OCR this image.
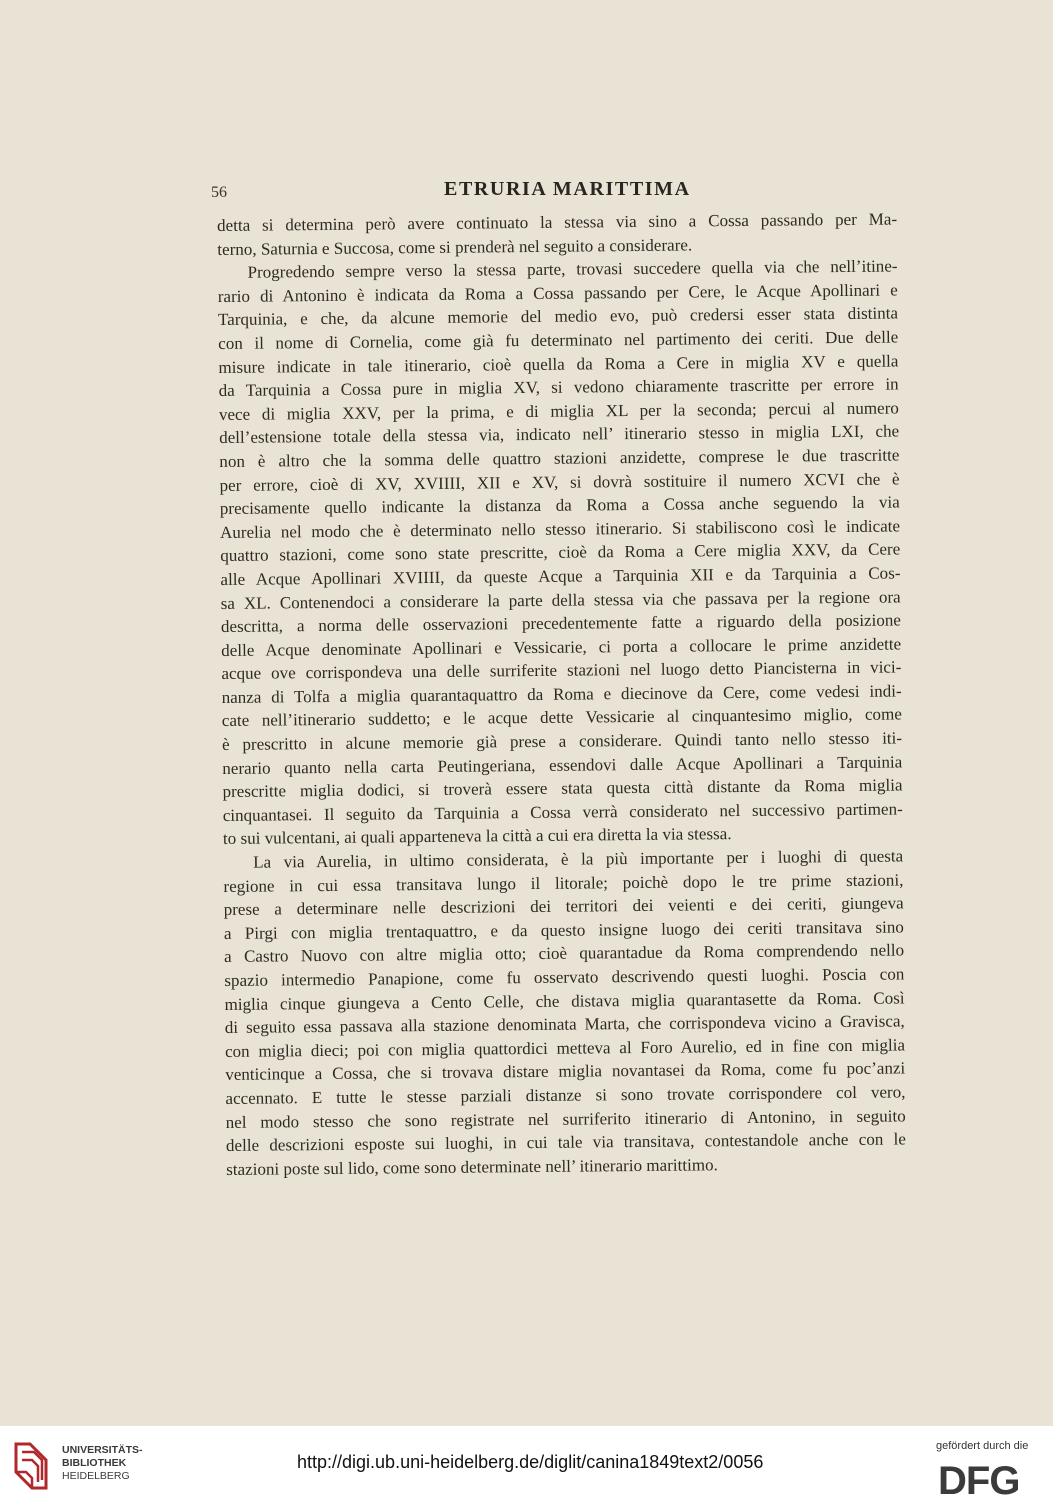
56	ETRURIA MARITTIMA

detta si determina però avere continuato la stessa via sino a Cossa passando per Ma-
terno, Saturnia e Succosa, come si prenderà nel seguito a considerare.

Progredendo sempre verso la stessa parte, trovasi succedere quella via che nell’itine-
rario di Antonino è indicata da Roma a Cossa passando per Cere, le Acque Apollinari e
Tarquinia, e che, da alcune memorie del medio evo, può credersi esser stata distinta
con il nome di Cornelia, come già fu determinato nel partimento dei ceriti. Due delle
misure indicate in tale itinerario, cioè quella da Roma a Cere in miglia XV e quella
da Tarquinia a Cossa pure in miglia XV, si vedono chiaramente trascritte per errore in
vece di miglia XXV, per la prima, e di miglia XL per la seconda; percui al numero
dell’estensione totale della stessa via, indicato nell’ itinerario stesso in miglia LXI, che
non è altro che la somma delle quattro stazioni anzidette, comprese le due trascritte
per errore, cioè di XV, XVIIII, XII e XV, si dovrà sostituire il numero XCVI che è
precisamente quello indicante la distanza da Roma a Cossa anche seguendo la via
Aurelia nel modo che è determinato nello stesso itinerario. Si stabiliscono così le indicate
quattro stazioni, come sono state prescritte, cioè da Roma a Cere miglia XXV, da Cere
alle Acque Apollinari XVIIII, da queste Acque a Tarquinia XII e da Tarquinia a Cos-
sa XL. Contenendoci a considerare la parte della stessa via che passava per la regione ora
descritta, a norma delle osservazioni precedentemente fatte a riguardo della posizione
delle Acque denominate Apollinari e Vessicarie, ci porta a collocare le prime anzidette
acque ove corrispondeva una delle surriferite stazioni nel luogo detto Piancisterna in vici-
nanza di Tolfa a miglia quarantaquattro da Roma e diecinove da Cere, come vedesi indi-
cate nell’itinerario suddetto; e le acque dette Vessicarie al cinquantesimo miglio, come
è prescritto in alcune memorie già prese a considerare. Quindi tanto nello stesso iti-
nerario quanto nella carta Peutingeriana, essendovi dalle Acque Apollinari a Tarquinia
prescritte miglia dodici, si troverà essere stata questa città distante da Roma miglia
cinquantasei. Il seguito da Tarquinia a Cossa verrà considerato nel successivo partimen-
to sui vulcentani, ai quali apparteneva la città a cui era diretta la via stessa.

La via Aurelia, in ultimo considerata, è la più importante per i luoghi di questa
regione in cui essa transitava lungo il litorale; poichè dopo le tre prime stazioni,
prese a determinare nelle descrizioni dei territori dei veienti e dei ceriti, giungeva
a Pirgi con miglia trentaquattro, e da questo insigne luogo dei ceriti transitava sino
a Castro Nuovo con altre miglia otto; cioè quarantadue da Roma comprendendo nello
spazio intermedio Panapione, come fu osservato descrivendo questi luoghi. Poscia con
miglia cinque giungeva a Cento Celle, che distava miglia quarantasette da Roma. Così
di seguito essa passava alla stazione denominata Marta, che corrispondeva vicino a Gravisca,
con miglia dieci; poi con miglia quattordici metteva al Foro Aurelio, ed in fine con miglia
venticinque a Cossa, che si trovava distare miglia novantasei da Roma, come fu poc’anzi
accennato. E tutte le stesse parziali distanze si sono trovate corrispondere col vero,
nel modo stesso che sono registrate nel surriferito itinerario di Antonino, in seguito
delle descrizioni esposte sui luoghi, in cui tale via transitava, contestandole anche con le
stazioni poste sul lido, come sono determinate nell’ itinerario marittimo.

UNIVERSITÄTS-
BIBLIOTHEK
HEIDELBERG
http://digi.ub.uni-heidelberg.de/diglit/canina1849text2/0056
gefördert durch die
DFG
